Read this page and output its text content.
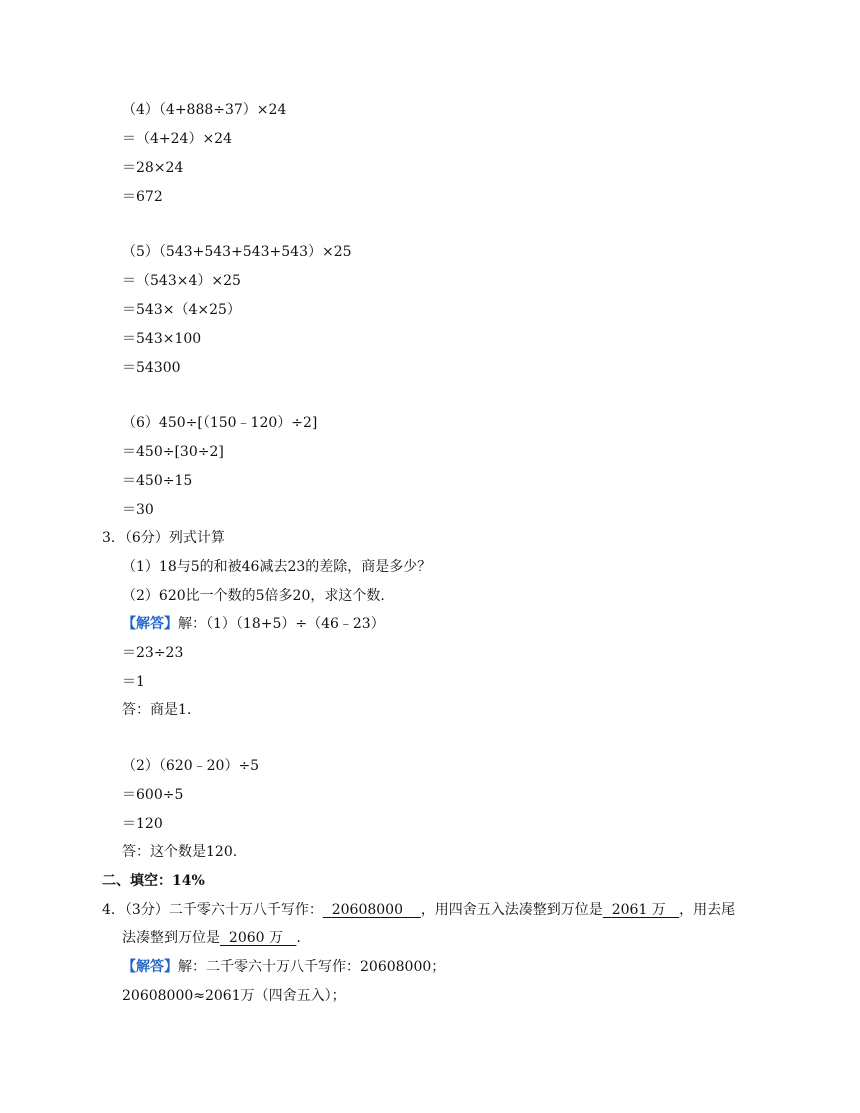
（4）（4+888÷37）×24
＝（4+24）×24
＝28×24
＝672
（5）（543+543+543+543）×25
＝（543×4）×25
＝543×（4×25）
＝543×100
＝54300
（6）450÷[（150﹣120）÷2]
＝450÷[30÷2]
＝450÷15
＝30
3．（6分）列式计算
（1）18与5的和被46减去23的差除，商是多少？
（2）620比一个数的5倍多20，求这个数.
【解答】解：（1）（18+5）÷（46﹣23）
＝23÷23
＝1
答：商是1.
（2）（620﹣20）÷5
＝600÷5
＝120
答：这个数是120.
二、填空：14%
4．（3分）二千零六十万八千写作： 20608000 ，用四舍五入法凑整到万位是 2061 万 ，用去尾
法凑整到万位是 2060 万 .
【解答】解：二千零六十万八千写作：20608000；
20608000≈2061万（四舍五入）；
